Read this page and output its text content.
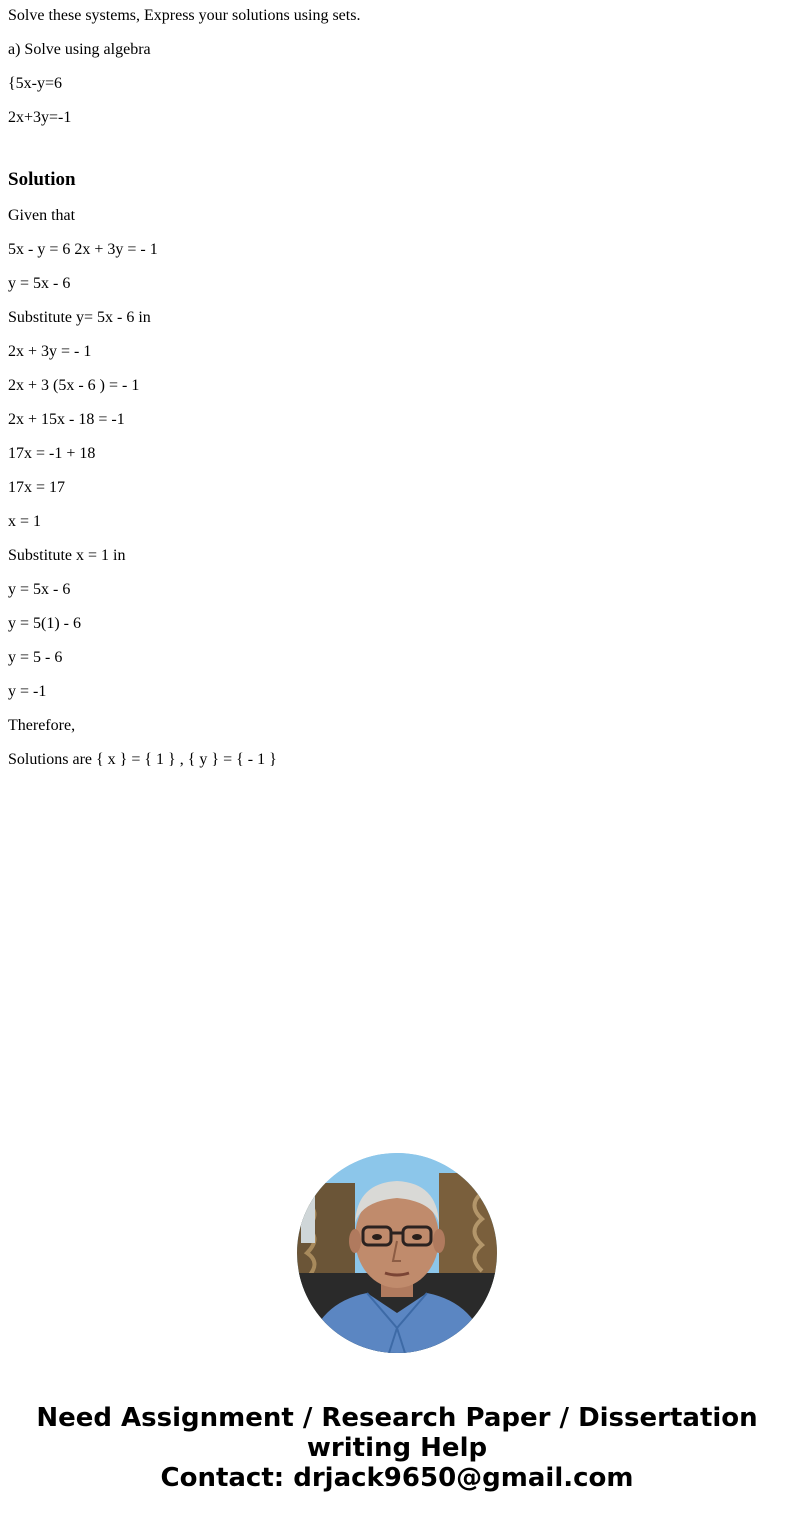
Solve these systems, Express your solutions using sets.

a) Solve using algebra

{5x-y=6

2x+3y=-1

Solution

Given that

5x - y = 6 2x + 3y = - 1

y = 5x - 6

Substitute y= 5x - 6 in

2x + 3y = - 1

2x + 3 (5x - 6 ) = - 1

2x + 15x - 18 = -1

17x = -1 + 18

17x = 17

x = 1

Substitute x = 1 in

y = 5x - 6

y = 5(1) - 6

y = 5 - 6

y = -1

Therefore,

Solutions are { x } = { 1 } , { y } = { - 1 }

Need Assignment / Research Paper / Dissertation
writing Help
Contact: drjack9650@gmail.com
